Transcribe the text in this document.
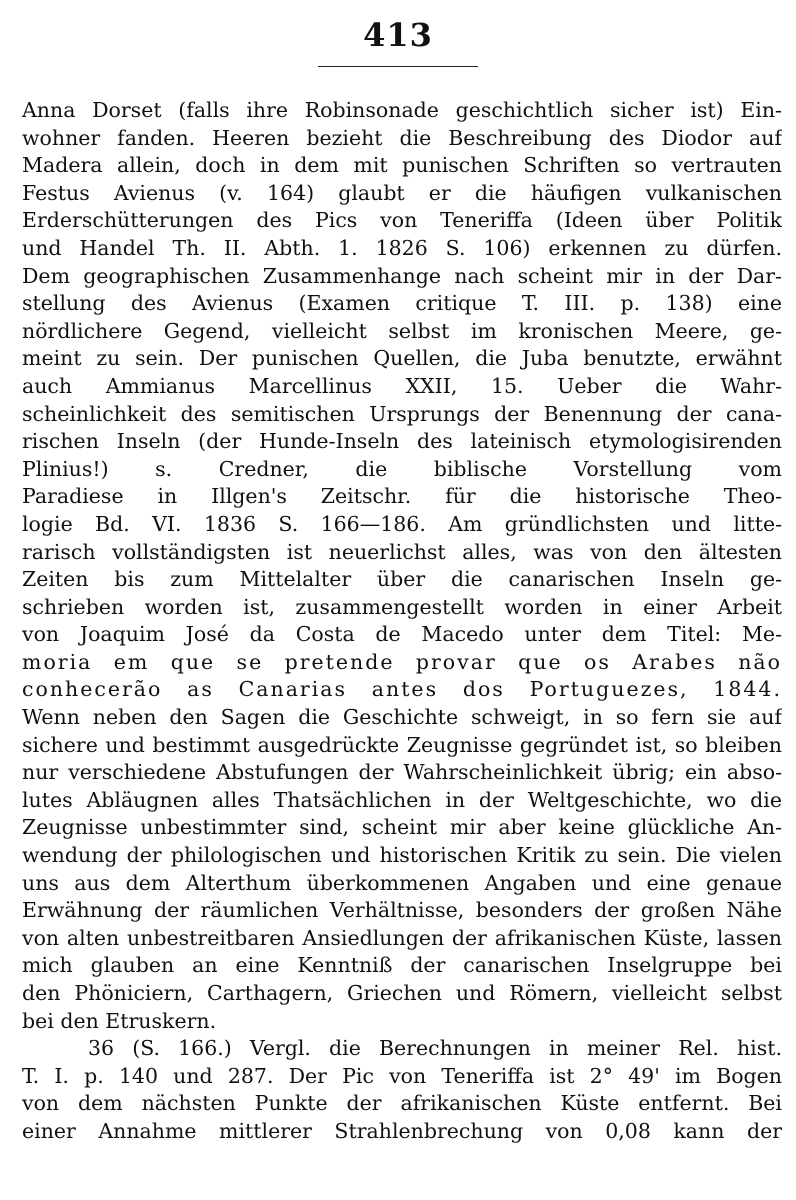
413
Anna Dorset (falls ihre Robinsonade geschichtlich sicher ist) Ein-
wohner fanden. Heeren bezieht die Beschreibung des Diodor auf
Madera allein, doch in dem mit punischen Schriften so vertrauten
Festus Avienus (v. 164) glaubt er die häufigen vulkanischen
Erderschütterungen des Pics von Teneriffa (Ideen über Politik
und Handel Th. II. Abth. 1. 1826 S. 106) erkennen zu dürfen.
Dem geographischen Zusammenhange nach scheint mir in der Dar-
stellung des Avienus (Examen critique T. III. p. 138) eine
nördlichere Gegend, vielleicht selbst im kronischen Meere, ge-
meint zu sein. Der punischen Quellen, die Juba benutzte, erwähnt
auch Ammianus Marcellinus XXII, 15. Ueber die Wahr-
scheinlichkeit des semitischen Ursprungs der Benennung der cana-
rischen Inseln (der Hunde-Inseln des lateinisch etymologisirenden
Plinius!) s. Credner, die biblische Vorstellung vom
Paradiese in Illgen's Zeitschr. für die historische Theo-
logie Bd. VI. 1836 S. 166—186. Am gründlichsten und litte-
rarisch vollständigsten ist neuerlichst alles, was von den ältesten
Zeiten bis zum Mittelalter über die canarischen Inseln ge-
schrieben worden ist, zusammengestellt worden in einer Arbeit
von Joaquim José da Costa de Macedo unter dem Titel: Me-
moria em que se pretende provar que os Arabes não
conhecerão as Canarias antes dos Portuguezes, 1844.
Wenn neben den Sagen die Geschichte schweigt, in so fern sie auf
sichere und bestimmt ausgedrückte Zeugnisse gegründet ist, so bleiben
nur verschiedene Abstufungen der Wahrscheinlichkeit übrig; ein abso-
lutes Abläugnen alles Thatsächlichen in der Weltgeschichte, wo die
Zeugnisse unbestimmter sind, scheint mir aber keine glückliche An-
wendung der philologischen und historischen Kritik zu sein. Die vielen
uns aus dem Alterthum überkommenen Angaben und eine genaue
Erwähnung der räumlichen Verhältnisse, besonders der großen Nähe
von alten unbestreitbaren Ansiedlungen der afrikanischen Küste, lassen
mich glauben an eine Kenntniß der canarischen Inselgruppe bei
den Phöniciern, Carthagern, Griechen und Römern, vielleicht selbst
bei den Etruskern.
36 (S. 166.) Vergl. die Berechnungen in meiner Rel. hist.
T. I. p. 140 und 287. Der Pic von Teneriffa ist 2° 49' im Bogen
von dem nächsten Punkte der afrikanischen Küste entfernt. Bei
einer Annahme mittlerer Strahlenbrechung von 0,08 kann der
